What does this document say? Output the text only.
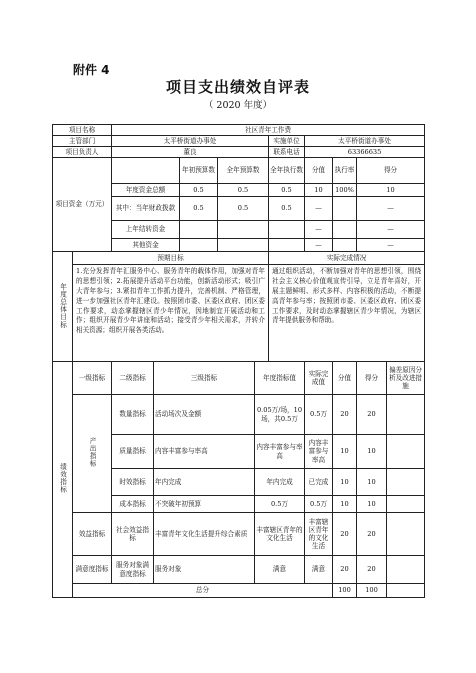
附件 4
项目支出绩效自评表
（ 2020 年度）
项目名称		社区青年工作费									
主管部门		太平桥街道办事处					实施单位	太平桥街道办事处			
项目负责人		董良					联系电话	63366635			
项目资金（万元）				年初预算数	全年预算数		全年执行数	分值	执行率	得分	
		年度资金总额		0.5	0.5		0.5	10	100%	10	
		其中：当年财政拨款		0.5	0.5		0.5	—		—	
		上年结转资金						—		—	
		其他资金						—		—	
年度总体目标	预期目标						实际完成情况				
	1.充分发挥青年汇服务中心、服务青年的载体作用，加强对青年的思想引领；2.拓展提升活动平台功能，创新活动形式；吸引广大青年参与；3.紧扣青年工作抓力提升，完善机制、严格管理，进一步加强社区青年汇建设。按照团市委、区委区政府、团区委工作要求，动态掌握辖区青少年情况，因地制宜开展活动和工作；组织开展青少年讲座和活动；接受青少年相关需求，并转介相关资源；组织开展各类活动。						通过组织活动，不断加强对青年的思想引领，围绕社会主义核心价值观宣传引导，立足青年喜好，开展主题鲜明、形式多样、内容积极的活动，不断提高青年参与率；按照团市委、区委区政府、团区委工作要求，及时动态掌握辖区青少年情况，为辖区青年提供服务和帮助。				
绩效指标	一级指标	二级指标	三级指标			年度指标值		实际完成值	分值	得分	偏差原因分析及改进措施
	产出指标	数量指标	活动场次及金额			0.05万/场，10场，共0.5万		0.5万	20	20	
		质量指标	内容丰富参与率高			内容丰富参与率高		内容丰富参与率高	10	10	
		时效指标	年内完成			年内完成		已完成	10	10	
		成本指标	不突破年初预算			0.5万		0.5万	10	10	
	效益指标	社会效益指标	丰富青年文化生活提升综合素质			丰富辖区青年的文化生活		丰富辖区青年的文化生活	20	20	
	满意度指标	服务对象满意度指标	服务对象			满意		满意	20	20	
	总分								100	100	
